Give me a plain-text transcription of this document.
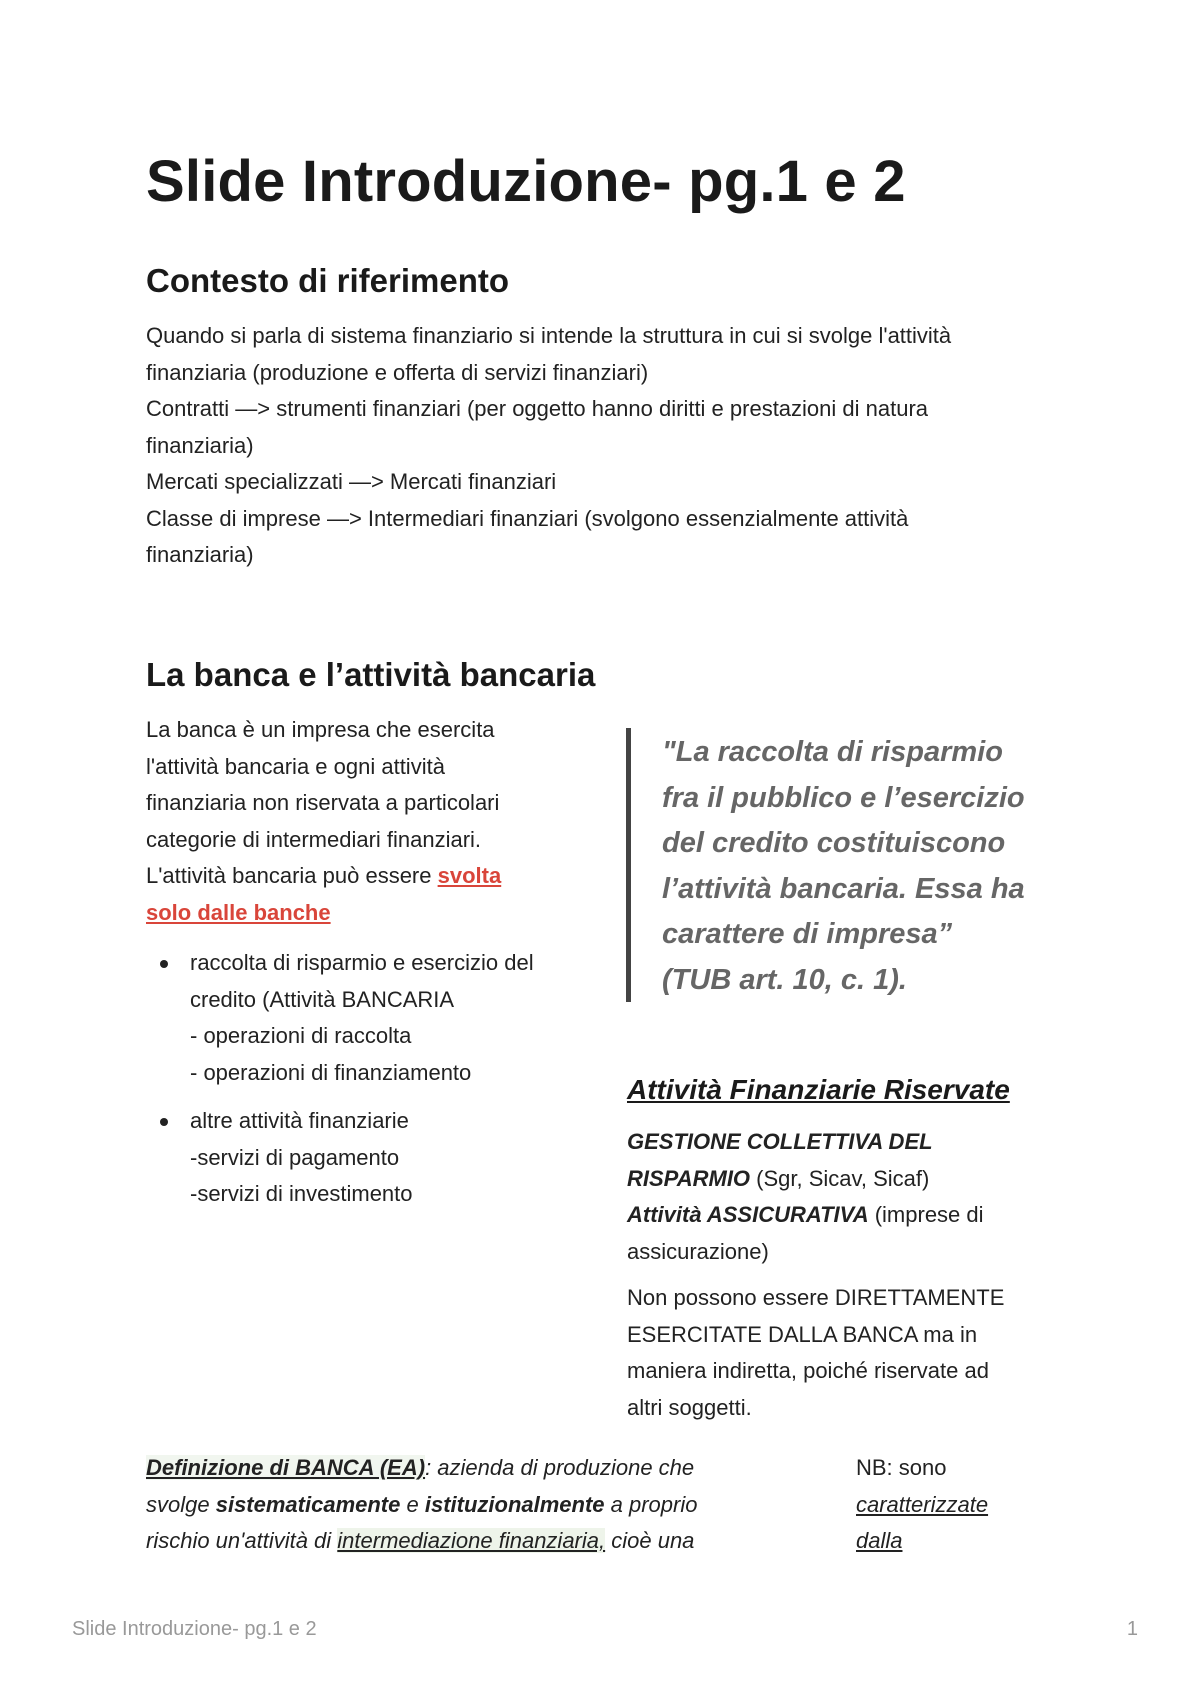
Slide Introduzione- pg.1 e 2
Contesto di riferimento
Quando si parla di sistema finanziario si intende la struttura in cui si svolge l'attività
finanziaria (produzione e offerta di servizi finanziari)
Contratti —> strumenti finanziari (per oggetto hanno diritti e prestazioni di natura
finanziaria)
Mercati specializzati —> Mercati finanziari
Classe di imprese —> Intermediari finanziari (svolgono essenzialmente attività
finanziaria)
La banca e l’attività bancaria
La banca è un impresa che esercita
l'attività bancaria e ogni attività
finanziaria non riservata a particolari
categorie di intermediari finanziari.
L'attività bancaria può essere svolta
solo dalle banche
raccolta di risparmio e esercizio del
credito (Attività BANCARIA
- operazioni di raccolta
- operazioni di finanziamento
altre attività finanziarie
-servizi di pagamento
-servizi di investimento
"La raccolta di risparmio
fra il pubblico e l’esercizio
del credito costituiscono
l’attività bancaria. Essa ha
carattere di impresa”
(TUB art. 10, c. 1).
Attività Finanziarie Riservate
GESTIONE COLLETTIVA DEL
RISPARMIO (Sgr, Sicav, Sicaf)
Attività ASSICURATIVA (imprese di
assicurazione)
Non possono essere DIRETTAMENTE
ESERCITATE DALLA BANCA ma in
maniera indiretta, poiché riservate ad
altri soggetti.
Definizione di BANCA (EA): azienda di produzione che
svolge sistematicamente e istituzionalmente a proprio
rischio un'attività di intermediazione finanziaria, cioè una
NB: sono
caratterizzate
dalla
Slide Introduzione- pg.1 e 2	1
